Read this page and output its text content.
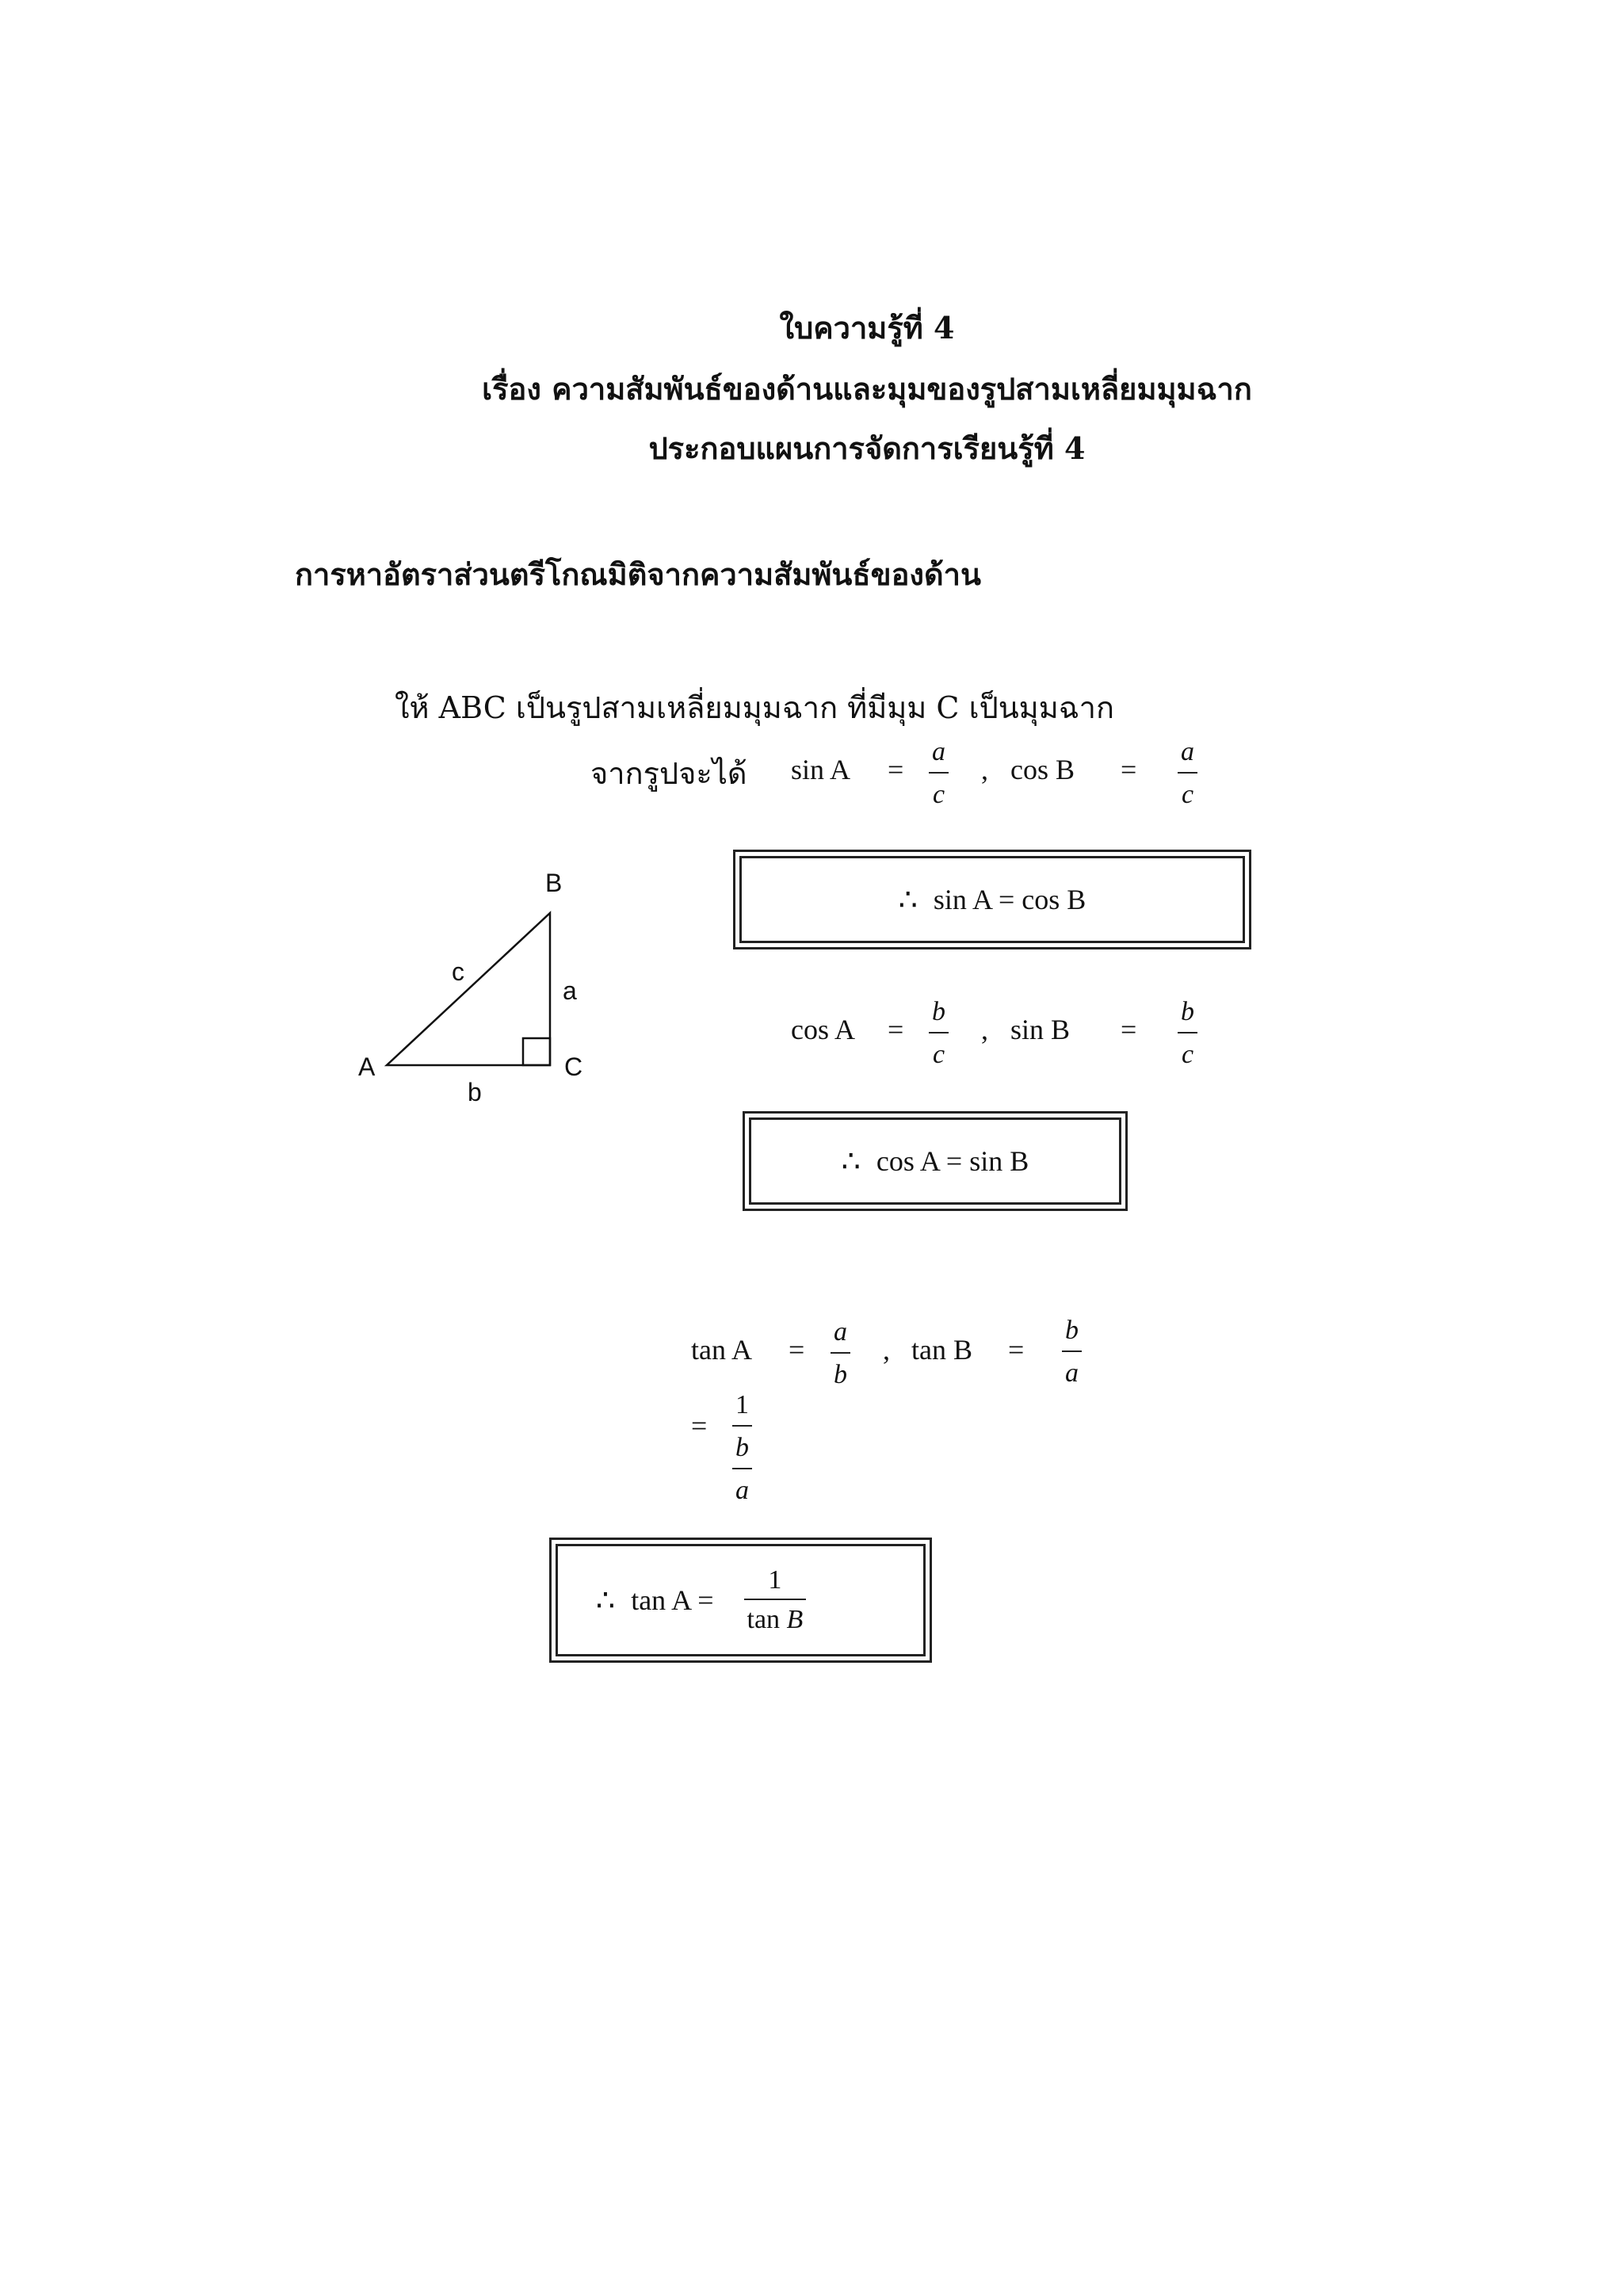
ใบความรู้ที่ 4
เรื่อง ความสัมพันธ์ของด้านและมุมของรูปสามเหลี่ยมมุมฉาก
ประกอบแผนการจัดการเรียนรู้ที่ 4
การหาอัตราส่วนตรีโกณมิติจากความสัมพันธ์ของด้าน
ให้ ABC เป็นรูปสามเหลี่ยมมุมฉาก ที่มีมุม C เป็นมุมฉาก
จากรูปจะได้ sin A =
a
c
, cos B =
a
c
B
A	C
c
a
b
∴ sin A = cos B
cos A =
b
c
, sin B =
b
c
∴ cos A = sin B
tan A =
a
b
, tan B =
b
a
=
1
$\frac{b}{a}$
∴ $\tan A = \frac{1}{\text{tan B}}$
